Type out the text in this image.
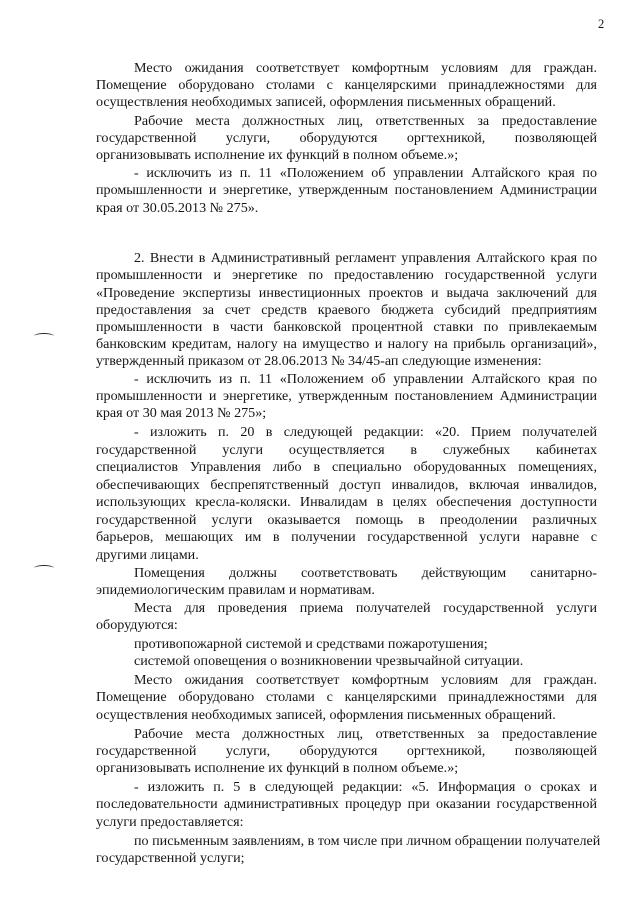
2
Место ожидания соответствует комфортным условиям для граждан.
Помещение оборудовано столами с канцелярскими принадлежностями для
осуществления необходимых записей, оформления письменных обращений.
Рабочие места должностных лиц, ответственных за предоставление
государственной услуги, оборудуются оргтехникой, позволяющей
организовывать исполнение их функций в полном объеме.»;
- исключить из п. 11 «Положением об управлении Алтайского края по
промышленности и энергетике, утвержденным постановлением Администрации
края от 30.05.2013 № 275».
2. Внести в Административный регламент управления Алтайского края по
промышленности и энергетике по предоставлению государственной услуги
«Проведение экспертизы инвестиционных проектов и выдача заключений для
предоставления за счет средств краевого бюджета субсидий предприятиям
промышленности в части банковской процентной ставки по привлекаемым
банковским кредитам, налогу на имущество и налогу на прибыль организаций»,
утвержденный приказом от 28.06.2013 № 34/45-ап следующие изменения:
- исключить из п. 11 «Положением об управлении Алтайского края по
промышленности и энергетике, утвержденным постановлением Администрации
края от 30 мая 2013 № 275»;
- изложить п. 20 в следующей редакции: «20. Прием получателей
государственной услуги осуществляется в служебных кабинетах
специалистов Управления либо в специально оборудованных помещениях,
обеспечивающих беспрепятственный доступ инвалидов, включая инвалидов,
использующих кресла-коляски. Инвалидам в целях обеспечения доступности
государственной услуги оказывается помощь в преодолении различных
барьеров, мешающих им в получении государственной услуги наравне с
другими лицами.
Помещения должны соответствовать действующим санитарно-
эпидемиологическим правилам и нормативам.
Места для проведения приема получателей государственной услуги
оборудуются:
противопожарной системой и средствами пожаротушения;
системой оповещения о возникновении чрезвычайной ситуации.
Место ожидания соответствует комфортным условиям для граждан.
Помещение оборудовано столами с канцелярскими принадлежностями для
осуществления необходимых записей, оформления письменных обращений.
Рабочие места должностных лиц, ответственных за предоставление
государственной услуги, оборудуются оргтехникой, позволяющей
организовывать исполнение их функций в полном объеме.»;
- изложить п. 5 в следующей редакции: «5. Информация о сроках и
последовательности административных процедур при оказании государственной
услуги предоставляется:
по письменным заявлениям, в том числе при личном обращении получателей
государственной услуги;
